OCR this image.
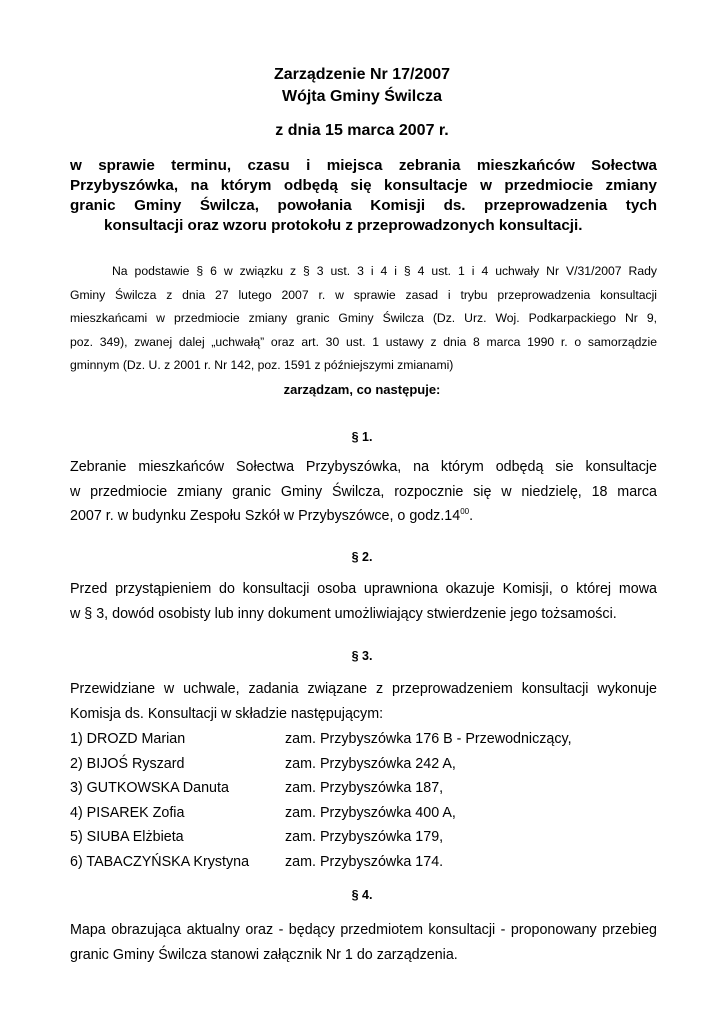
Zarządzenie Nr 17/2007
Wójta Gminy Świlcza
z dnia 15 marca 2007 r.
w sprawie terminu, czasu i miejsca zebrania mieszkańców Sołectwa
Przybyszówka, na którym odbędą się konsultacje w przedmiocie zmiany
granic Gminy Świlcza, powołania Komisji ds. przeprowadzenia tych
konsultacji oraz wzoru protokołu z przeprowadzonych konsultacji.
Na podstawie § 6 w związku z § 3 ust. 3 i 4 i § 4 ust. 1 i 4 uchwały Nr V/31/2007 Rady
Gminy Świlcza z dnia 27 lutego 2007 r. w sprawie zasad i trybu przeprowadzenia konsultacji
mieszkańcami w przedmiocie zmiany granic Gminy Świlcza (Dz. Urz. Woj. Podkarpackiego Nr 9,
poz. 349), zwanej dalej „uchwałą” oraz art. 30 ust. 1 ustawy z dnia 8 marca 1990 r. o samorządzie
gminnym (Dz. U. z 2001 r. Nr 142, poz. 1591 z późniejszymi zmianami)
zarządzam, co następuje:
§ 1.
Zebranie mieszkańców Sołectwa Przybyszówka, na którym odbędą sie konsultacje
w przedmiocie zmiany granic Gminy Świlcza, rozpocznie się w niedzielę, 18 marca
2007 r. w budynku Zespołu Szkół w Przybyszówce, o $godz.14^{00}$.
§ 2.
Przed przystąpieniem do konsultacji osoba uprawniona okazuje Komisji, o której mowa
w § 3, dowód osobisty lub inny dokument umożliwiający stwierdzenie jego tożsamości.
§ 3.
Przewidziane w uchwale, zadania związane z przeprowadzeniem konsultacji wykonuje
Komisja ds. Konsultacji w składzie następującym:
1) DROZD Marian	zam. Przybyszówka 176 B - Przewodniczący,
2) BIJOŚ Ryszard	zam. Przybyszówka 242 A,
3) GUTKOWSKA Danuta	zam. Przybyszówka 187,
4) PISAREK Zofia	zam. Przybyszówka 400 A,
5) SIUBA Elżbieta	zam. Przybyszówka 179,
6) TABACZYŃSKA Krystyna	zam. Przybyszówka 174.
§ 4.
Mapa obrazująca aktualny oraz - będący przedmiotem konsultacji - proponowany przebieg
granic Gminy Świlcza stanowi załącznik Nr 1 do zarządzenia.
